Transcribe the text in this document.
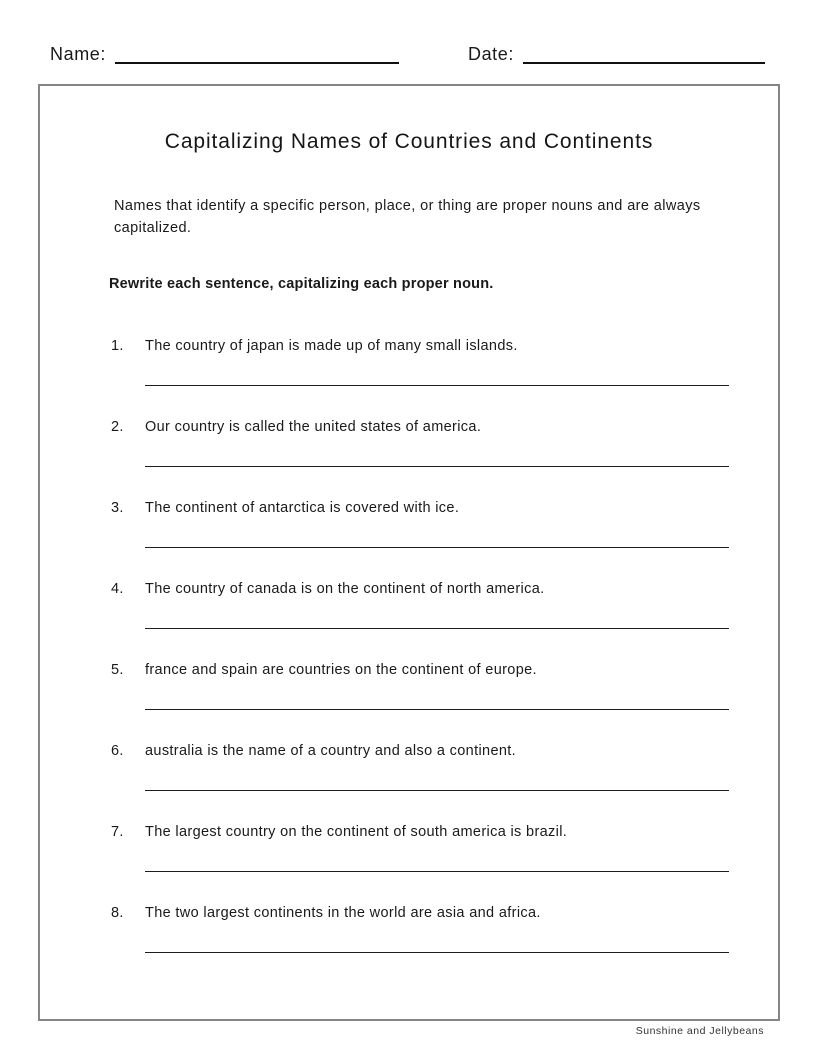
Name:	Date:
Capitalizing Names of Countries and Continents
Names that identify a specific person, place, or thing are proper nouns and are always capitalized.
Rewrite each sentence, capitalizing each proper noun.
1.	The country of japan is made up of many small islands.
2.	Our country is called the united states of america.
3.	The continent of antarctica is covered with ice.
4.	The country of canada is on the continent of north america.
5.	france and spain are countries on the continent of europe.
6.	australia is the name of a country and also a continent.
7.	The largest country on the continent of south america is brazil.
8.	The two largest continents in the world are asia and africa.
Sunshine and Jellybeans
